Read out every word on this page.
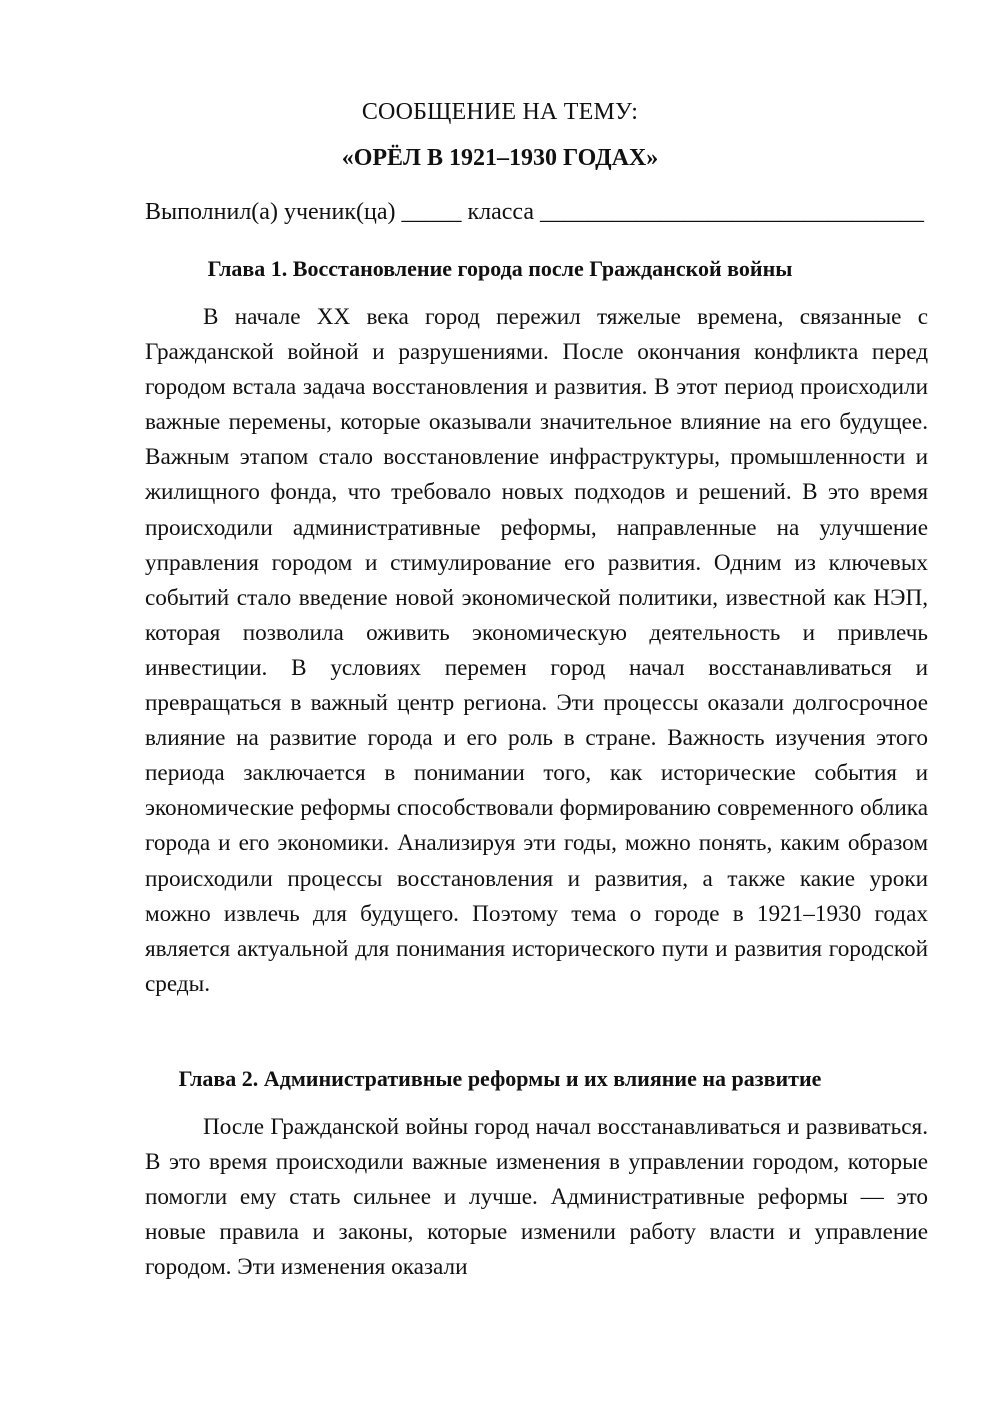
СООБЩЕНИЕ НА ТЕМУ:
«ОРЁЛ В 1921–1930 ГОДАХ»
Выполнил(а) ученик(ца) _____ класса ________________________________
Глава 1. Восстановление города после Гражданской войны

В начале XX века город пережил тяжелые времена, связанные с Гражданской войной и разрушениями. После окончания конфликта перед городом встала задача восстановления и развития. В этот период происходили важные перемены, которые оказывали значительное влияние на его будущее. Важным этапом стало восстановление инфраструктуры, промышленности и жилищного фонда, что требовало новых подходов и решений. В это время происходили административные реформы, направленные на улучшение управления городом и стимулирование его развития. Одним из ключевых событий стало введение новой экономической политики, известной как НЭП, которая позволила оживить экономическую деятельность и привлечь инвестиции. В условиях перемен город начал восстанавливаться и превращаться в важный центр региона. Эти процессы оказали долгосрочное влияние на развитие города и его роль в стране. Важность изучения этого периода заключается в понимании того, как исторические события и экономические реформы способствовали формированию современного облика города и его экономики. Анализируя эти годы, можно понять, каким образом происходили процессы восстановления и развития, а также какие уроки можно извлечь для будущего. Поэтому тема о городе в 1921–1930 годах является актуальной для понимания исторического пути и развития городской среды.

Глава 2. Административные реформы и их влияние на развитие

После Гражданской войны город начал восстанавливаться и развиваться. В это время происходили важные изменения в управлении городом, которые помогли ему стать сильнее и лучше. Административные реформы — это новые правила и законы, которые изменили работу власти и управление городом. Эти изменения оказали
